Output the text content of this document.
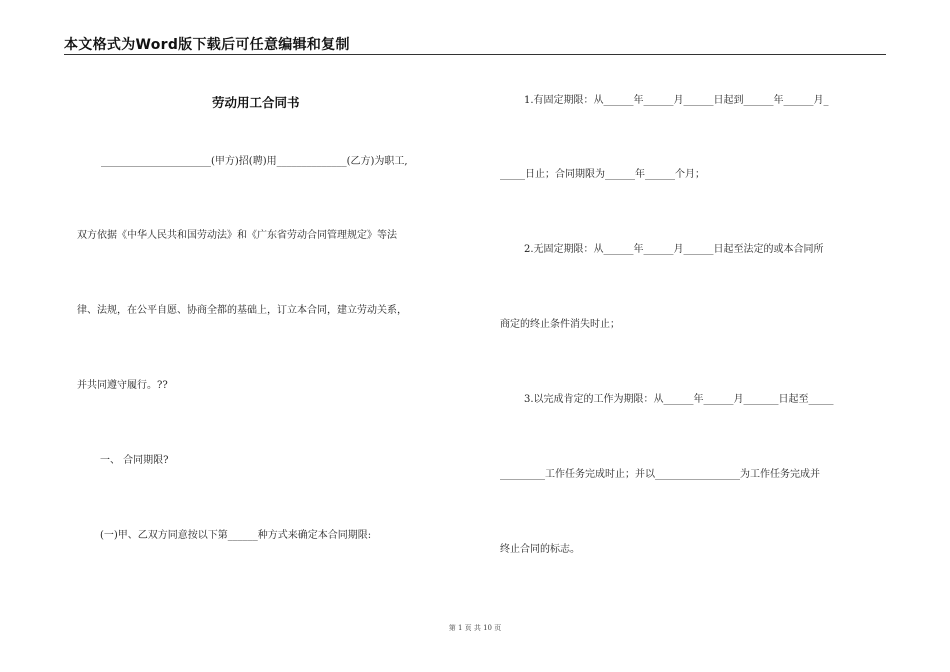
本文格式为Word版下载后可任意编辑和复制
劳动用工合同书
______________________(甲方)招(聘)用______________(乙方)为职工,
双方依据《中华人民共和国劳动法》和《广东省劳动合同管理规定》等法
律、法规，在公平自愿、协商全都的基础上，订立本合同，建立劳动关系，
并共同遵守履行。??
一、 合同期限?
(一)甲、乙双方同意按以下第______种方式来确定本合同期限:
1.有固定期限：从______年______月______日起到______年______月_
_____日止；合同期限为______年______个月；
2.无固定期限：从______年______月______日起至法定的或本合同所
商定的终止条件消失时止；
3.以完成肯定的工作为期限：从______年______月_______日起至_____
_________工作任务完成时止；并以_________________为工作任务完成并
终止合同的标志。
第 1 页 共 10 页
